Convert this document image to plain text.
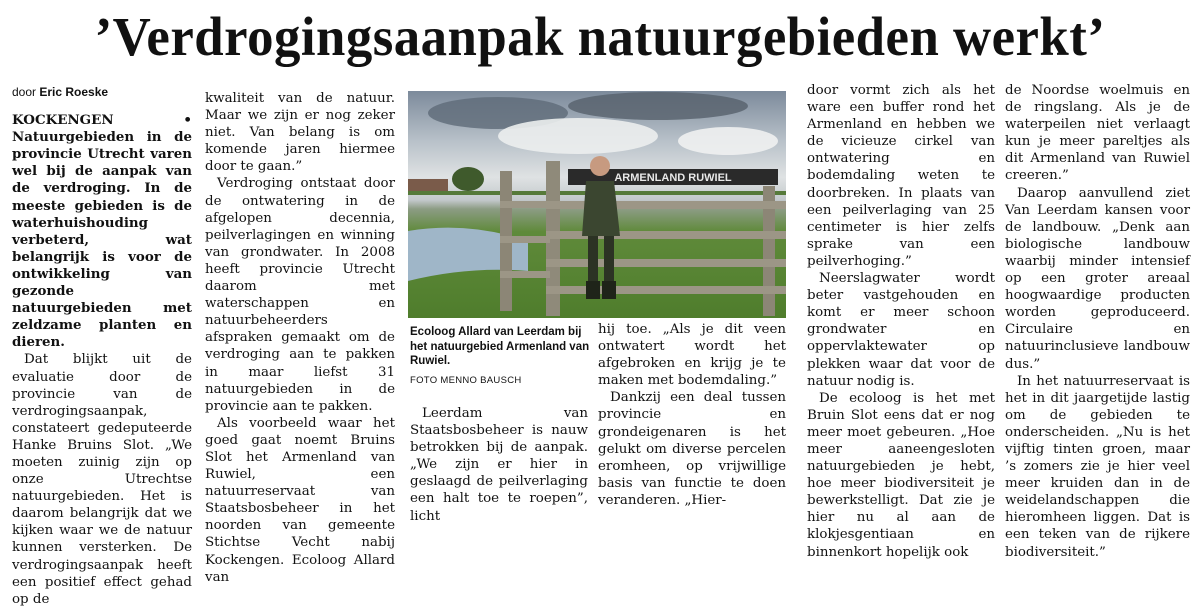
’Verdrogingsaanpak natuurgebieden werkt’

door Eric Roeske

KOCKENGEN • Natuurgebieden in de provincie Utrecht varen wel bij de aanpak van de verdroging. In de meeste gebieden is de waterhuishouding verbeterd, wat belangrijk is voor de ontwikkeling van gezonde natuurgebieden met zeldzame planten en dieren.

Dat blijkt uit de evaluatie door de provincie van de verdrogingsaanpak, constateert gedeputeerde Hanke Bruins Slot. „We moeten zuinig zijn op onze Utrechtse natuurgebieden. Het is daarom belangrijk dat we kijken waar we de natuur kunnen versterken. De verdrogingsaanpak heeft een positief effect gehad op de

kwaliteit van de natuur. Maar we zijn er nog zeker niet. Van belang is om komende jaren hiermee door te gaan.”

Verdroging ontstaat door de ontwatering in de afgelopen decennia, peilverlagingen en winning van grondwater. In 2008 heeft provincie Utrecht daarom met waterschappen en natuurbeheerders afspraken gemaakt om de verdroging aan te pakken in maar liefst 31 natuurgebieden in de provincie aan te pakken.

Als voorbeeld waar het goed gaat noemt Bruins Slot het Armenland van Ruwiel, een natuurreservaat van Staatsbosbeheer in het noorden van gemeente Stichtse Vecht nabij Kockengen. Ecoloog Allard van

ARMENLAND RUWIEL
Ecoloog Allard van Leerdam bij het natuurgebied Armenland van Ruwiel.
FOTO MENNO BAUSCH

Leerdam van Staatsbosbeheer is nauw betrokken bij de aanpak. „We zijn er hier in geslaagd de peilverlaging een halt toe te roepen”, licht

hij toe. „Als je dit veen ontwatert wordt het afgebroken en krijg je te maken met bodemdaling.”

Dankzij een deal tussen provincie en grondeigenaren is het gelukt om diverse percelen eromheen, op vrijwillige basis van functie te doen veranderen. „Hier-

door vormt zich als het ware een buffer rond het Armenland en hebben we de vicieuze cirkel van ontwatering en bodemdaling weten te doorbreken. In plaats van een peilverlaging van 25 centimeter is hier zelfs sprake van een peilverhoging.”

Neerslagwater wordt beter vastgehouden en komt er meer schoon grondwater en oppervlaktewater op plekken waar dat voor de natuur nodig is.

De ecoloog is het met Bruin Slot eens dat er nog meer moet gebeuren. „Hoe meer aaneengesloten natuurgebieden je hebt, hoe meer biodiversiteit je bewerkstelligt. Dat zie je hier nu al aan de klokjesgentiaan en binnenkort hopelijk ook

de Noordse woelmuis en de ringslang. Als je de waterpeilen niet verlaagt kun je meer pareltjes als dit Armenland van Ruwiel creeren.”

Daarop aanvullend ziet Van Leerdam kansen voor de landbouw. „Denk aan biologische landbouw waarbij minder intensief op een groter areaal hoogwaardige producten worden geproduceerd. Circulaire en natuurinclusieve landbouw dus.”

In het natuurreservaat is het in dit jaargetijde lastig om de gebieden te onderscheiden. „Nu is het vijftig tinten groen, maar ’s zomers zie je hier veel meer kruiden dan in de weidelandschappen die hieromheen liggen. Dat is een teken van de rijkere biodiversiteit.”
